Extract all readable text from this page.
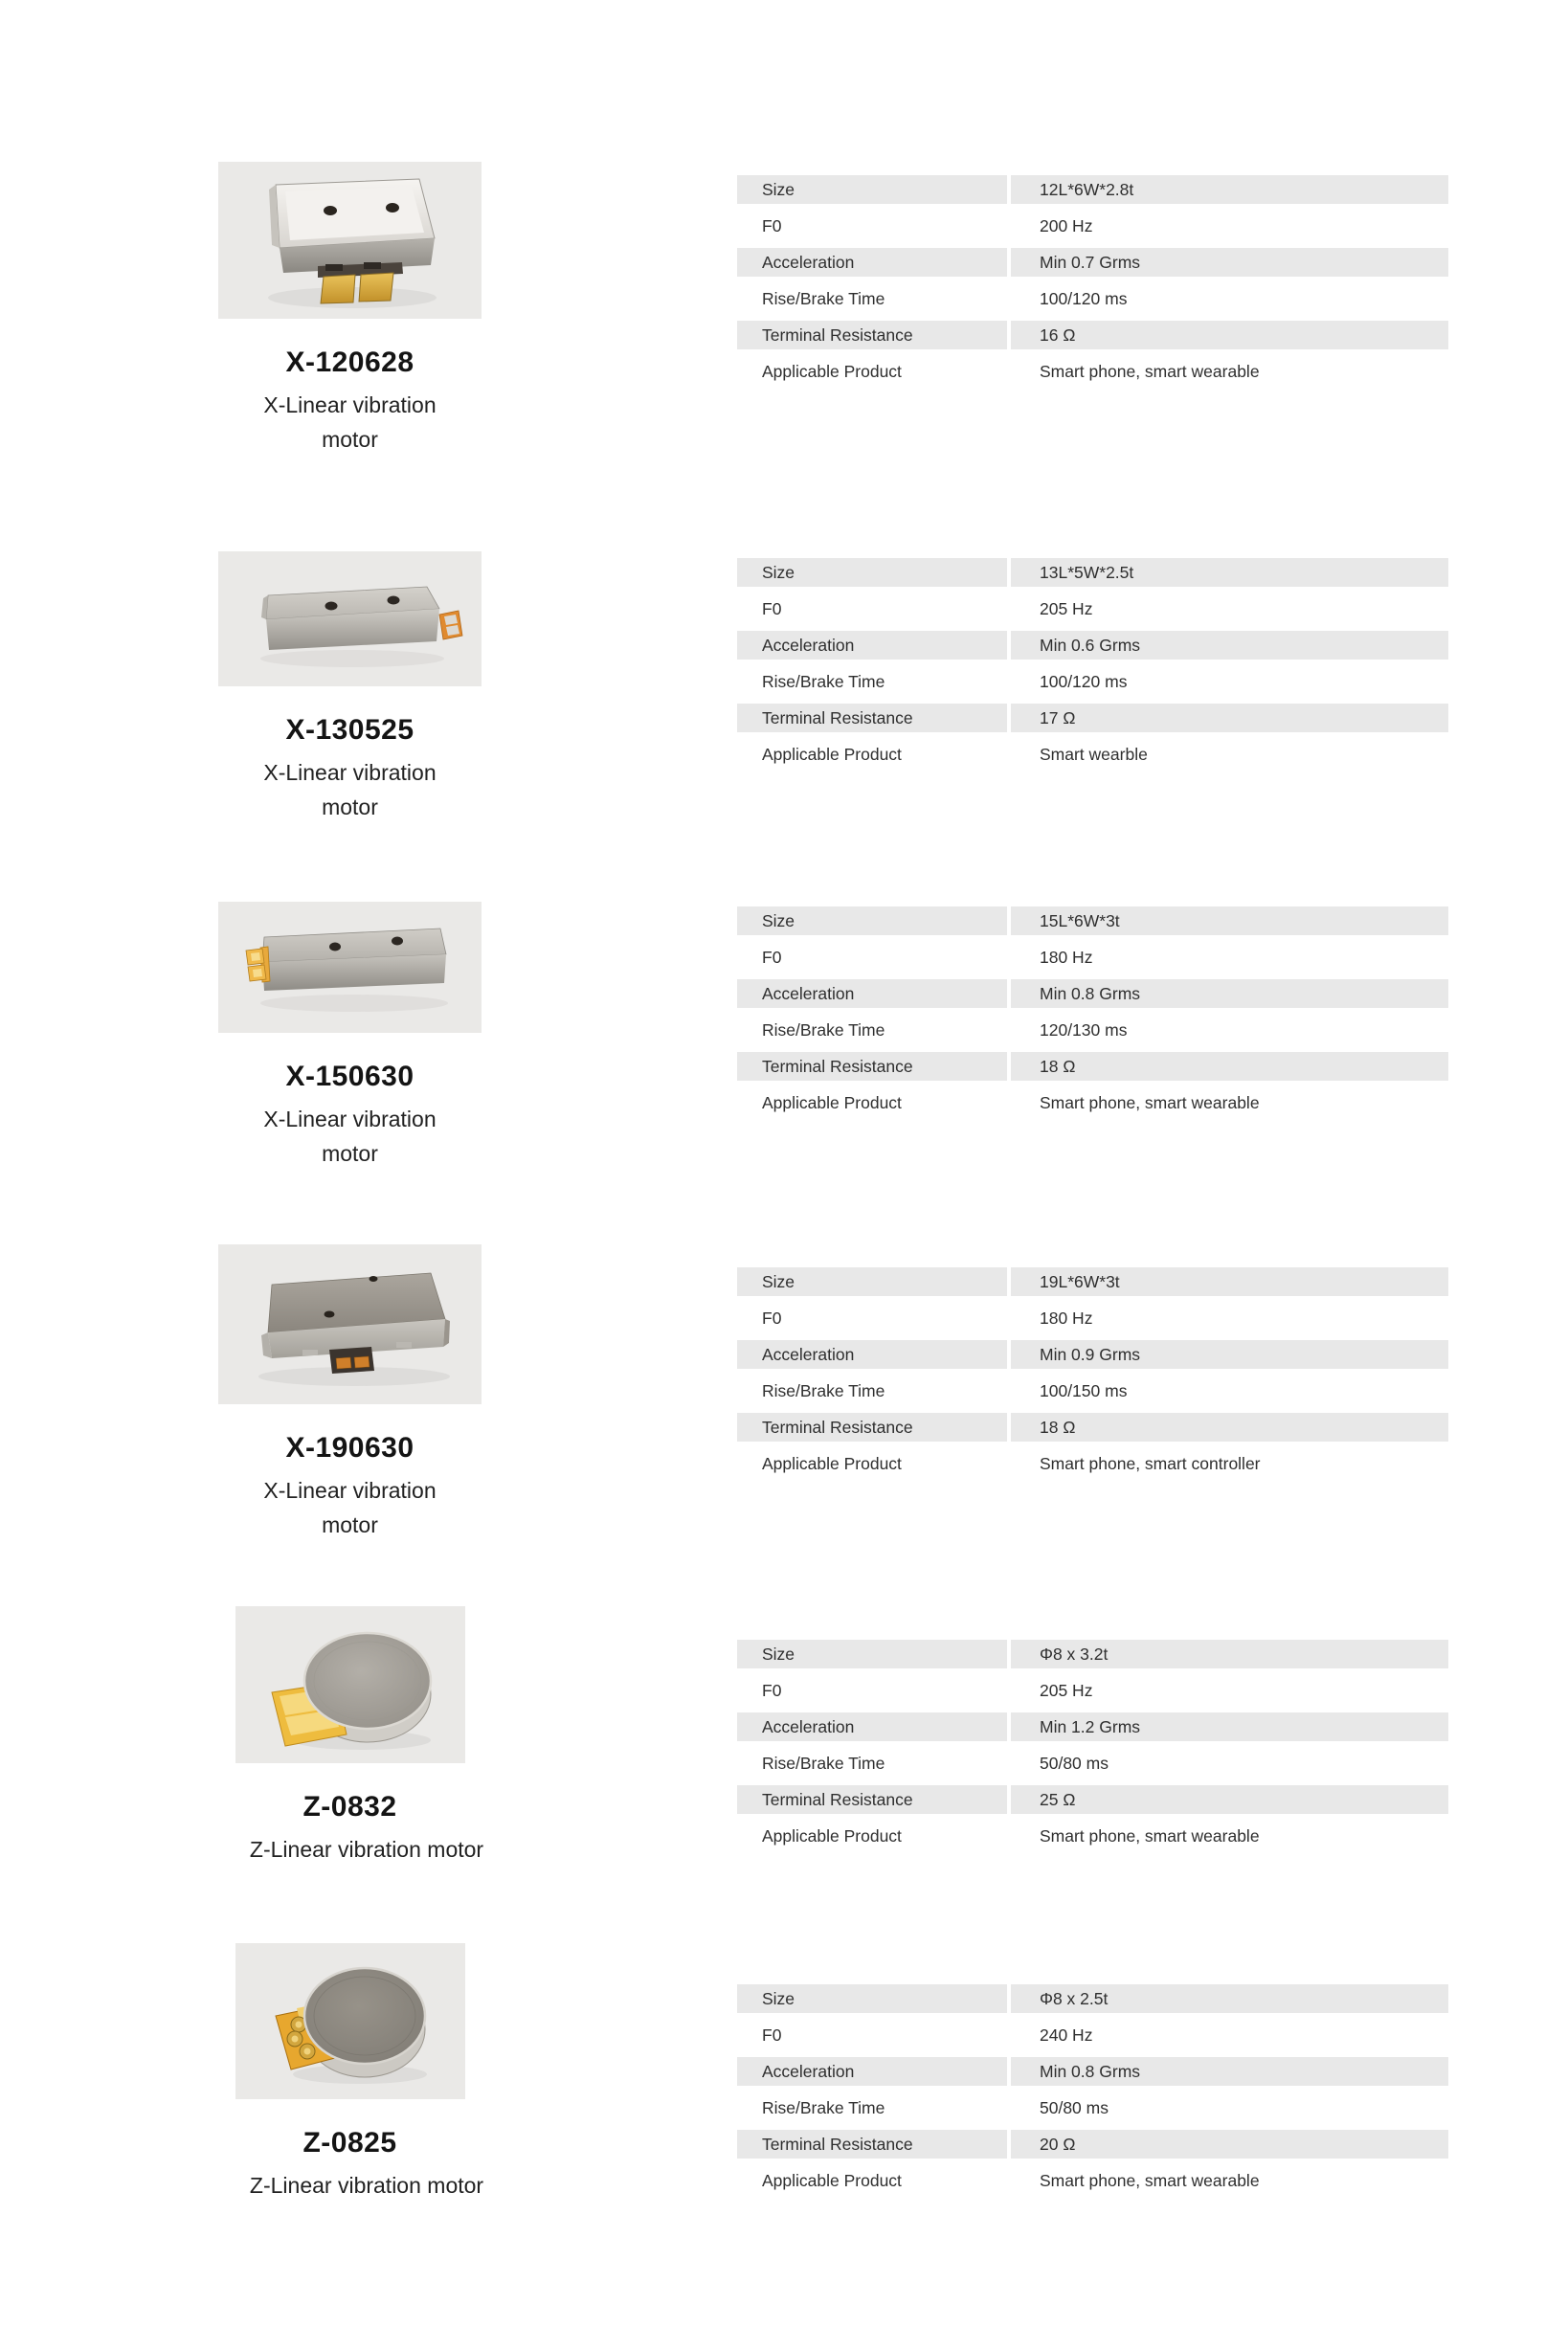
X-120628

X-Linear vibration motor

Size	12L*6W*2.8t
F0	200 Hz
Acceleration	Min 0.7 Grms
Rise/Brake Time	100/120 ms
Terminal Resistance	16 Ω
Applicable Product	Smart phone, smart wearable
X-130525

X-Linear vibration motor

Size	13L*5W*2.5t
F0	205 Hz
Acceleration	Min 0.6 Grms
Rise/Brake Time	100/120 ms
Terminal Resistance	17 Ω
Applicable Product	Smart wearble
X-150630

X-Linear vibration motor

Size	15L*6W*3t
F0	180 Hz
Acceleration	Min 0.8 Grms
Rise/Brake Time	120/130 ms
Terminal Resistance	18 Ω
Applicable Product	Smart phone, smart wearable
X-190630

X-Linear vibration motor

Size	19L*6W*3t
F0	180 Hz
Acceleration	Min 0.9 Grms
Rise/Brake Time	100/150 ms
Terminal Resistance	18 Ω
Applicable Product	Smart phone, smart controller
Z-0832

Z-Linear vibration motor

Size	Φ8 x 3.2t
F0	205 Hz
Acceleration	Min 1.2 Grms
Rise/Brake Time	50/80 ms
Terminal Resistance	25 Ω
Applicable Product	Smart phone, smart wearable
Z-0825

Z-Linear vibration motor

Size	Φ8 x 2.5t
F0	240 Hz
Acceleration	Min 0.8 Grms
Rise/Brake Time	50/80 ms
Terminal Resistance	20 Ω
Applicable Product	Smart phone, smart wearable
